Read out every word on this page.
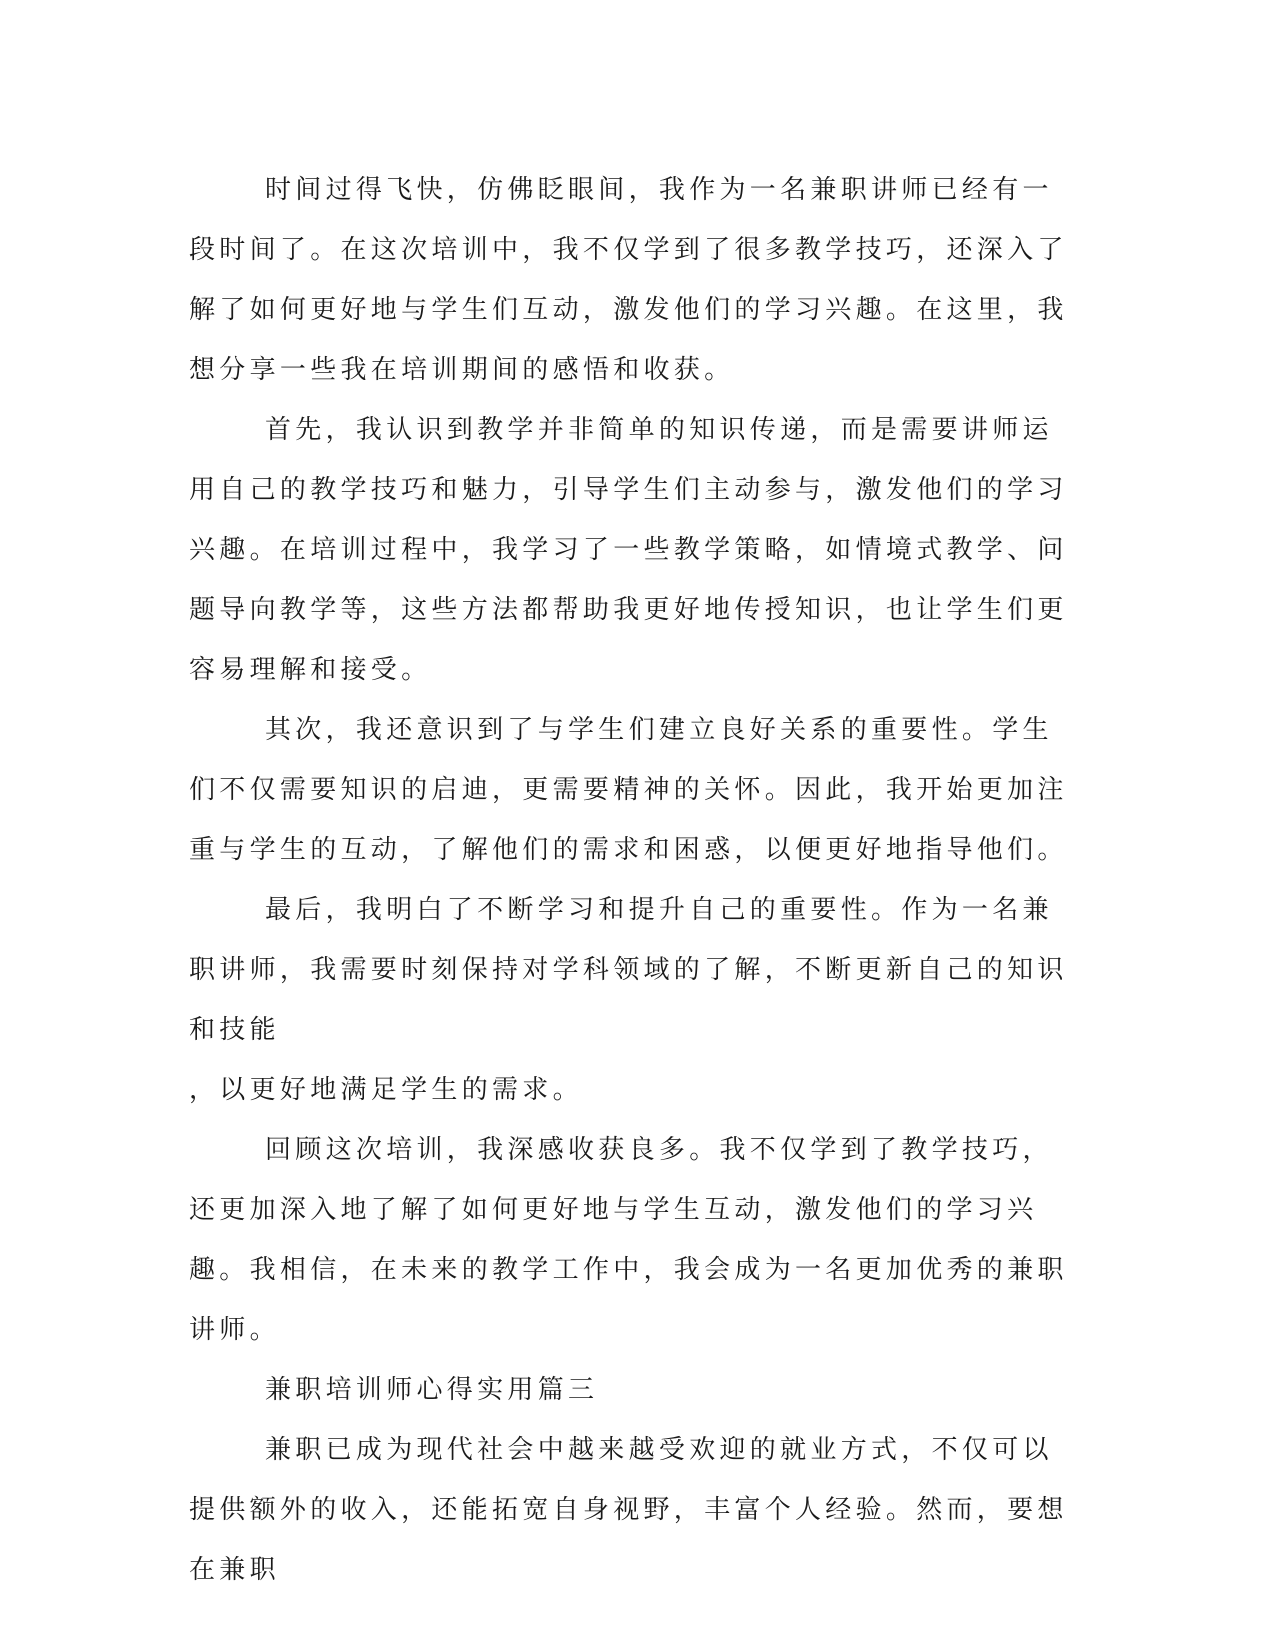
时间过得飞快，仿佛眨眼间，我作为一名兼职讲师已经有一段时间了。在这次培训中，我不仅学到了很多教学技巧，还深入了解了如何更好地与学生们互动，激发他们的学习兴趣。在这里，我想分享一些我在培训期间的感悟和收获。

首先，我认识到教学并非简单的知识传递，而是需要讲师运用自己的教学技巧和魅力，引导学生们主动参与，激发他们的学习兴趣。在培训过程中，我学习了一些教学策略，如情境式教学、问题导向教学等，这些方法都帮助我更好地传授知识，也让学生们更容易理解和接受。

其次，我还意识到了与学生们建立良好关系的重要性。学生们不仅需要知识的启迪，更需要精神的关怀。因此，我开始更加注重与学生的互动，了解他们的需求和困惑，以便更好地指导他们。

最后，我明白了不断学习和提升自己的重要性。作为一名兼职讲师，我需要时刻保持对学科领域的了解，不断更新自己的知识和技能
，以更好地满足学生的需求。

回顾这次培训，我深感收获良多。我不仅学到了教学技巧，还更加深入地了解了如何更好地与学生互动，激发他们的学习兴趣。我相信，在未来的教学工作中，我会成为一名更加优秀的兼职讲师。

兼职培训师心得实用篇三

兼职已成为现代社会中越来越受欢迎的就业方式，不仅可以提供额外的收入，还能拓宽自身视野，丰富个人经验。然而，要想在兼职
